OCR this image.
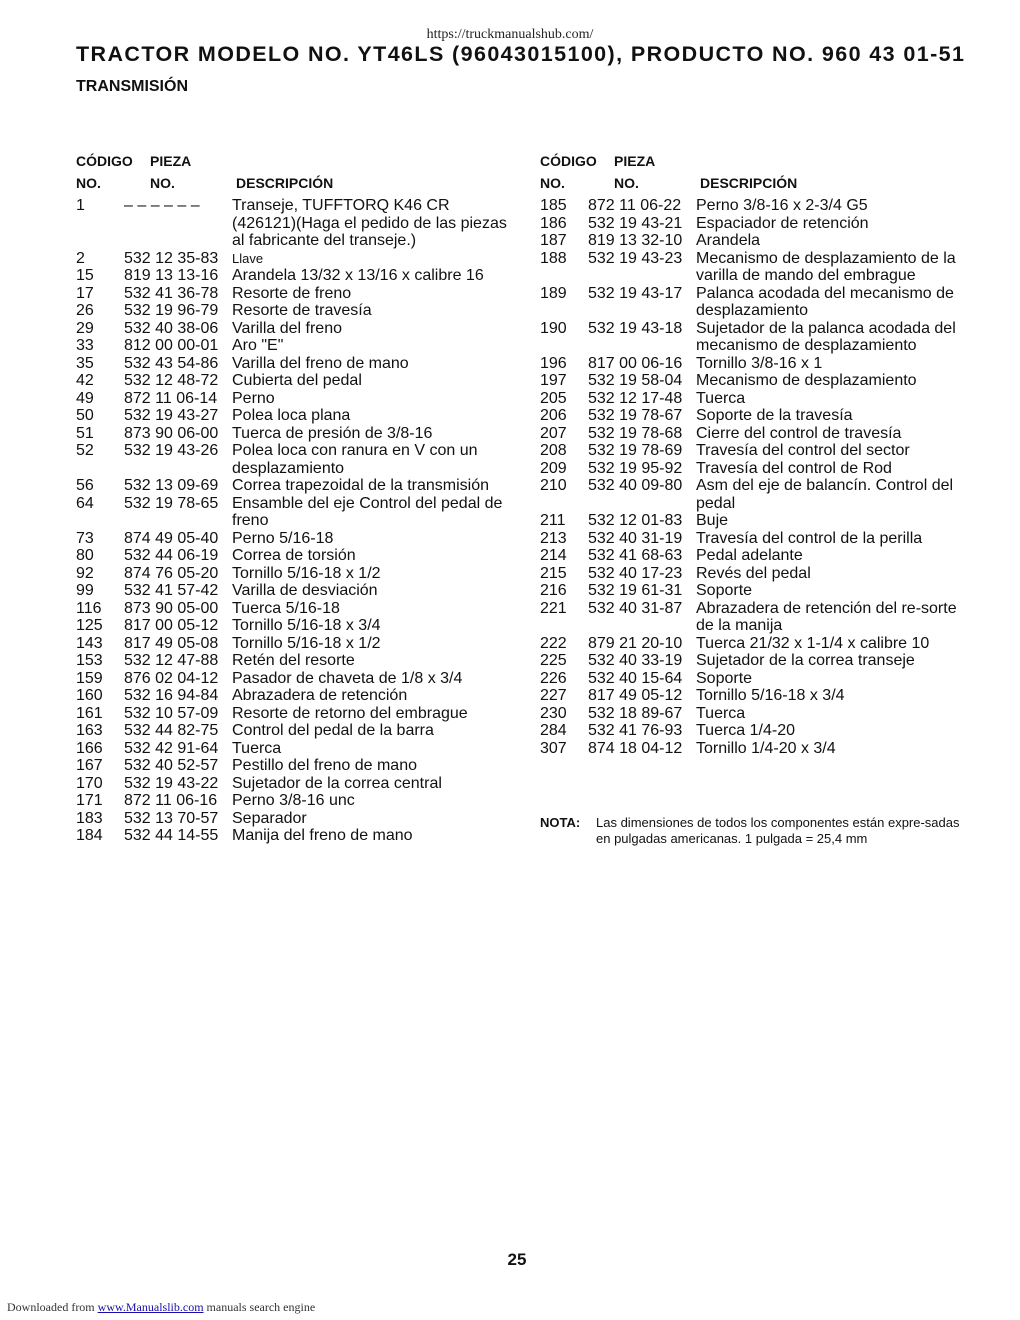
https://truckmanualshub.com/
TRACTOR MODELO NO. YT46LS (96043015100), PRODUCTO NO. 960 43 01-51
TRANSMISIÓN
CÓDIGO PIEZA
NO.	NO.	DESCRIPCIÓN
1	– – – – – –	Transeje, TUFFTORQ K46 CR (426121)(Haga el pedido de las piezas al fabricante del transeje.)
2	532 12 35-83	Llave
15	819 13 13-16 Arandela 13/32 x 13/16 x calibre 16
17	532 41 36-78 Resorte de freno
26	532 19 96-79 Resorte de travesía
29	532 40 38-06 Varilla del freno
33	812 00 00-01 Aro "E"
35	532 43 54-86 Varilla del freno de mano
42	532 12 48-72 Cubierta del pedal
49	872 11 06-14 Perno
50	532 19 43-27 Polea loca plana
51	873 90 06-00 Tuerca de presión de 3/8-16
52	532 19 43-26 Polea loca con ranura en V con un desplazamiento
56	532 13 09-69 Correa trapezoidal de la transmisión
64	532 19 78-65 Ensamble del eje Control del pedal de freno
73	874 49 05-40 Perno 5/16-18
80	532 44 06-19 Correa de torsión
92	874 76 05-20 Tornillo 5/16-18 x 1/2
99	532 41 57-42 Varilla de desviación
116	873 90 05-00 Tuerca 5/16-18
125	817 00 05-12 Tornillo 5/16-18 x 3/4
143	817 49 05-08 Tornillo 5/16-18 x 1/2
153	532 12 47-88 Retén del resorte
159	876 02 04-12 Pasador de chaveta de 1/8 x 3/4
160	532 16 94-84 Abrazadera de retención
161	532 10 57-09 Resorte de retorno del embrague
163	532 44 82-75 Control del pedal de la barra
166	532 42 91-64 Tuerca
167	532 40 52-57 Pestillo del freno de mano
170	532 19 43-22 Sujetador de la correa central
171	872 11 06-16 Perno 3/8-16 unc
183	532 13 70-57 Separador
184	532 44 14-55 Manija del freno de mano
CÓDIGO PIEZA
NO.	NO.	DESCRIPCIÓN
185	872 11 06-22 Perno 3/8-16 x 2-3/4 G5
186	532 19 43-21 Espaciador de retención
187	819 13 32-10 Arandela
188	532 19 43-23 Mecanismo de desplazamiento de la varilla de mando del embrague
189	532 19 43-17 Palanca acodada del mecanismo de desplazamiento
190	532 19 43-18 Sujetador de la palanca acodada del mecanismo de desplazamiento
196	817 00 06-16 Tornillo 3/8-16 x 1
197	532 19 58-04 Mecanismo de desplazamiento
205	532 12 17-48 Tuerca
206	532 19 78-67 Soporte de la travesía
207	532 19 78-68 Cierre del control de travesía
208	532 19 78-69 Travesía del control del sector
209	532 19 95-92 Travesía del control de Rod
210	532 40 09-80 Asm del eje de balancín. Control del pedal
211	532 12 01-83 Buje
213	532 40 31-19 Travesía del control de la perilla
214	532 41 68-63 Pedal adelante
215	532 40 17-23 Revés del pedal
216	532 19 61-31 Soporte
221	532 40 31-87 Abrazadera de retención del re-sorte de la manija
222	879 21 20-10 Tuerca 21/32 x 1-1/4 x calibre 10
225	532 40 33-19 Sujetador de la correa transeje
226	532 40 15-64 Soporte
227	817 49 05-12 Tornillo 5/16-18 x 3/4
230	532 18 89-67 Tuerca
284	532 41 76-93 Tuerca 1/4-20
307	874 18 04-12 Tornillo 1/4-20 x 3/4
NOTA:	Las dimensiones de todos los componentes están expre-sadas en pulgadas americanas. 1 pulgada = 25,4 mm
25
Downloaded from www.Manualslib.com manuals search engine
